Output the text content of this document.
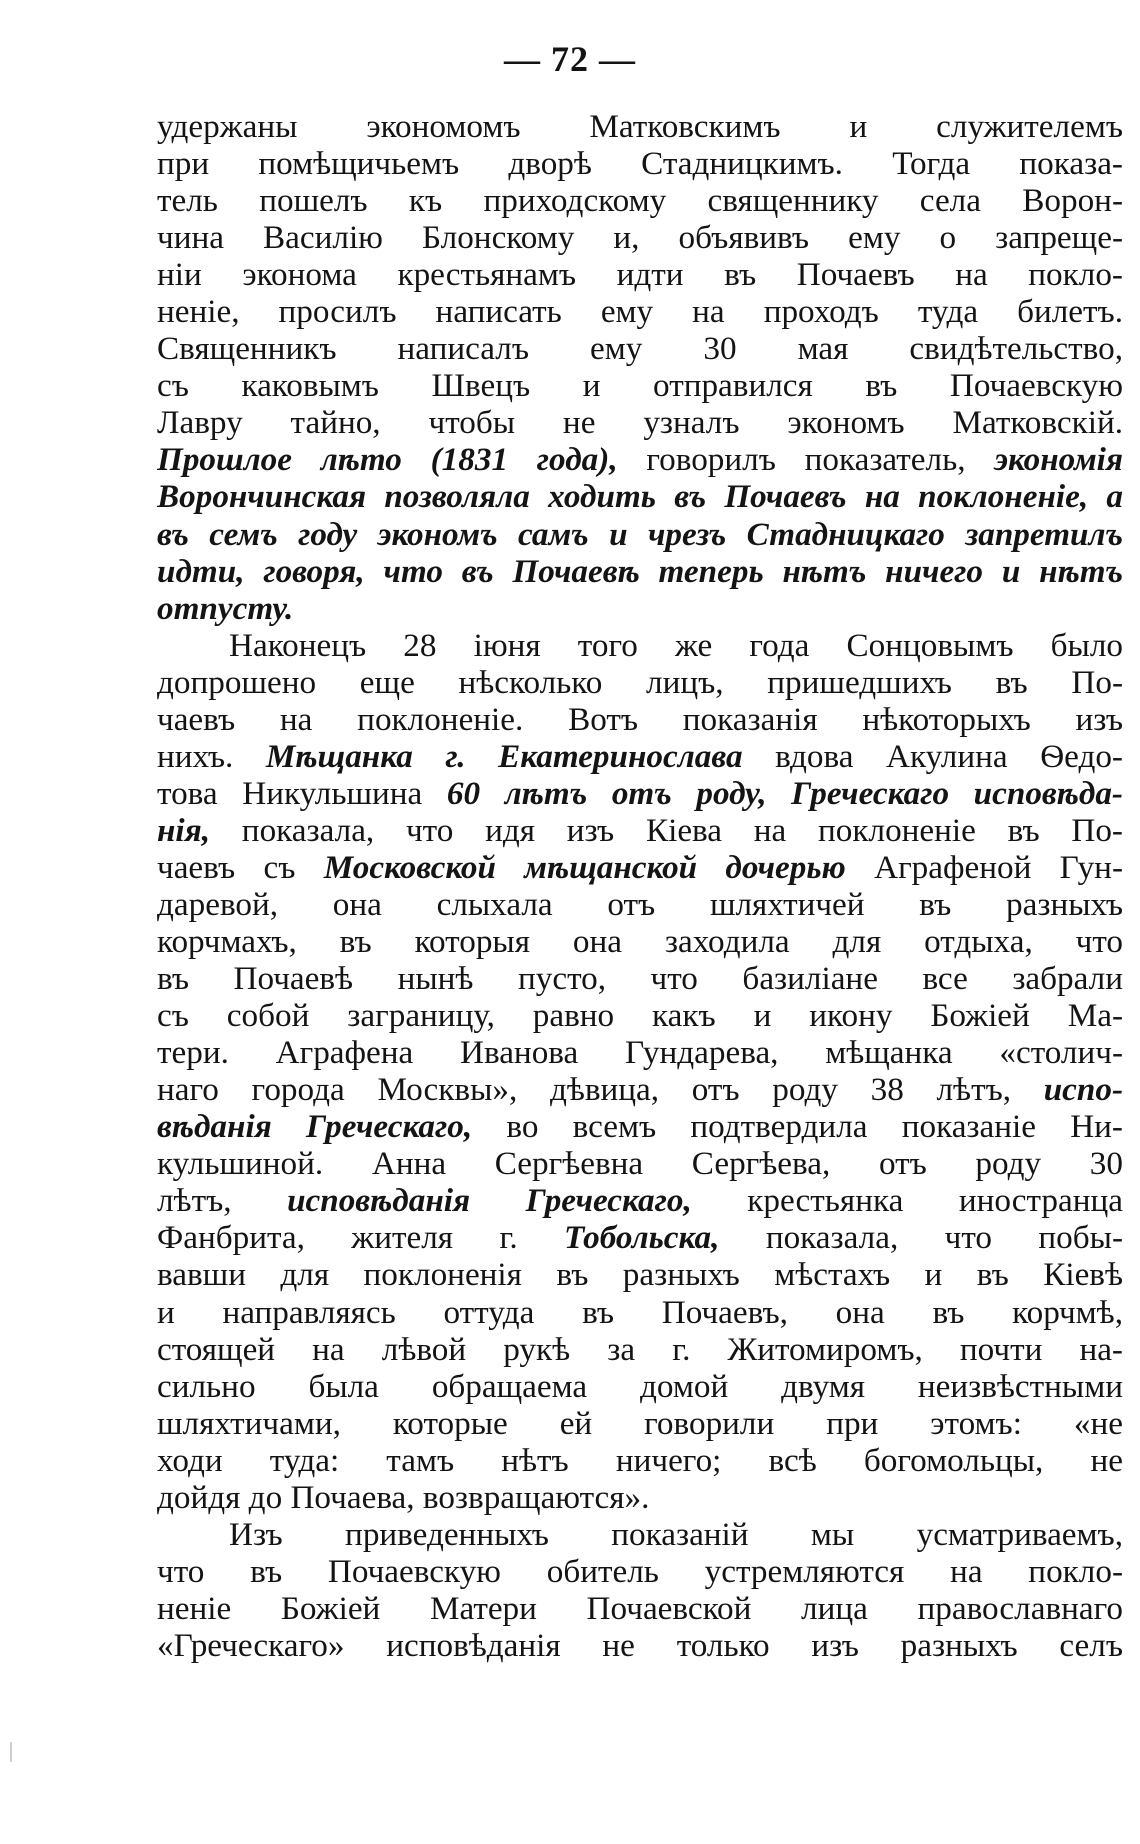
— 72 —
удержаны экономомъ Матковскимъ и служителемъ
при помѣщичьемъ дворѣ Стадницкимъ. Тогда показа-
тель пошелъ къ приходскому священнику села Ворон-
чина Василію Блонскому и, объявивъ ему о запреще-
ніи эконома крестьянамъ идти въ Почаевъ на покло-
неніе, просилъ написать ему на проходъ туда билетъ.
Священникъ написалъ ему 30 мая свидѣтельство,
съ каковымъ Швецъ и отправился въ Почаевскую
Лавру тайно, чтобы не узналъ экономъ Матковскій.
Прошлое лѣто (1831 года), говорилъ показатель, экономія
Ворончинская позволяла ходить въ Почаевъ на поклоненіе, а
въ семъ году экономъ самъ и чрезъ Стадницкаго запретилъ
идти, говоря, что въ Почаевѣ теперь нѣтъ ничего и нѣтъ
отпусту.
Наконецъ 28 іюня того же года Сонцовымъ было
допрошено еще нѣсколько лицъ, пришедшихъ въ По-
чаевъ на поклоненіе. Вотъ показанія нѣкоторыхъ изъ
нихъ. Мѣщанка г. Екатеринослава вдова Акулина Ѳедо-
това Никульшина 60 лѣтъ отъ роду, Греческаго исповѣда-
нія, показала, что идя изъ Кіева на поклоненіе въ По-
чаевъ съ Московской мѣщанской дочерью Аграфеной Гун-
даревой, она слыхала отъ шляхтичей въ разныхъ
корчмахъ, въ которыя она заходила для отдыха, что
въ Почаевѣ нынѣ пусто, что базиліане все забрали
съ собой заграницу, равно какъ и икону Божіей Ма-
тери. Аграфена Иванова Гундарева, мѣщанка «столич-
наго города Москвы», дѣвица, отъ роду 38 лѣтъ, испо-
вѣданія Греческаго, во всемъ подтвердила показаніе Ни-
кульшиной. Анна Сергѣевна Сергѣева, отъ роду 30
лѣтъ, исповѣданія Греческаго, крестьянка иностранца
Фанбрита, жителя г. Тобольска, показала, что побы-
вавши для поклоненія въ разныхъ мѣстахъ и въ Кіевѣ
и направляясь оттуда въ Почаевъ, она въ корчмѣ,
стоящей на лѣвой рукѣ за г. Житомиромъ, почти на-
сильно была обращаема домой двумя неизвѣстными
шляхтичами, которые ей говорили при этомъ: «не
ходи туда: тамъ нѣтъ ничего; всѣ богомольцы, не
дойдя до Почаева, возвращаются».
Изъ приведенныхъ показаній мы усматриваемъ,
что въ Почаевскую обитель устремляются на покло-
неніе Божіей Матери Почаевской лица православнаго
«Греческаго» исповѣданія не только изъ разныхъ селъ
